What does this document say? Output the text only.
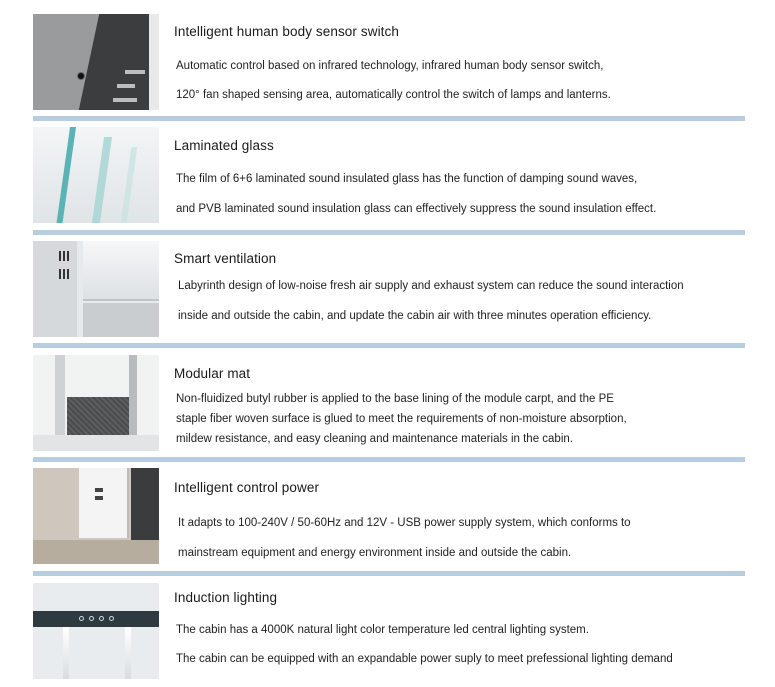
Intelligent human body sensor switch
Automatic control based on infrared technology, infrared human body sensor switch,
120° fan shaped sensing area, automatically control the switch of lamps and lanterns.
Laminated glass
The film of 6+6 laminated sound insulated glass has the function of damping sound waves,
and PVB laminated sound insulation glass can effectively suppress the sound insulation effect.
Smart ventilation
Labyrinth design of low-noise fresh air supply and exhaust system can reduce the sound interaction
inside and outside the cabin, and update the cabin air with three minutes operation efficiency.
Modular mat
Non-fluidized butyl rubber is applied to the base lining of the module carpt, and the PE
staple fiber woven surface is glued to meet the requirements of non-moisture absorption,
mildew resistance, and easy cleaning and maintenance materials in the cabin.
Intelligent control power
It adapts to 100-240V / 50-60Hz and 12V - USB power supply system, which conforms to
mainstream equipment and energy environment inside and outside the cabin.
Induction lighting
The cabin has a 4000K natural light color temperature led central lighting system.
The cabin can be equipped with an expandable power suply to meet prefessional lighting demand
